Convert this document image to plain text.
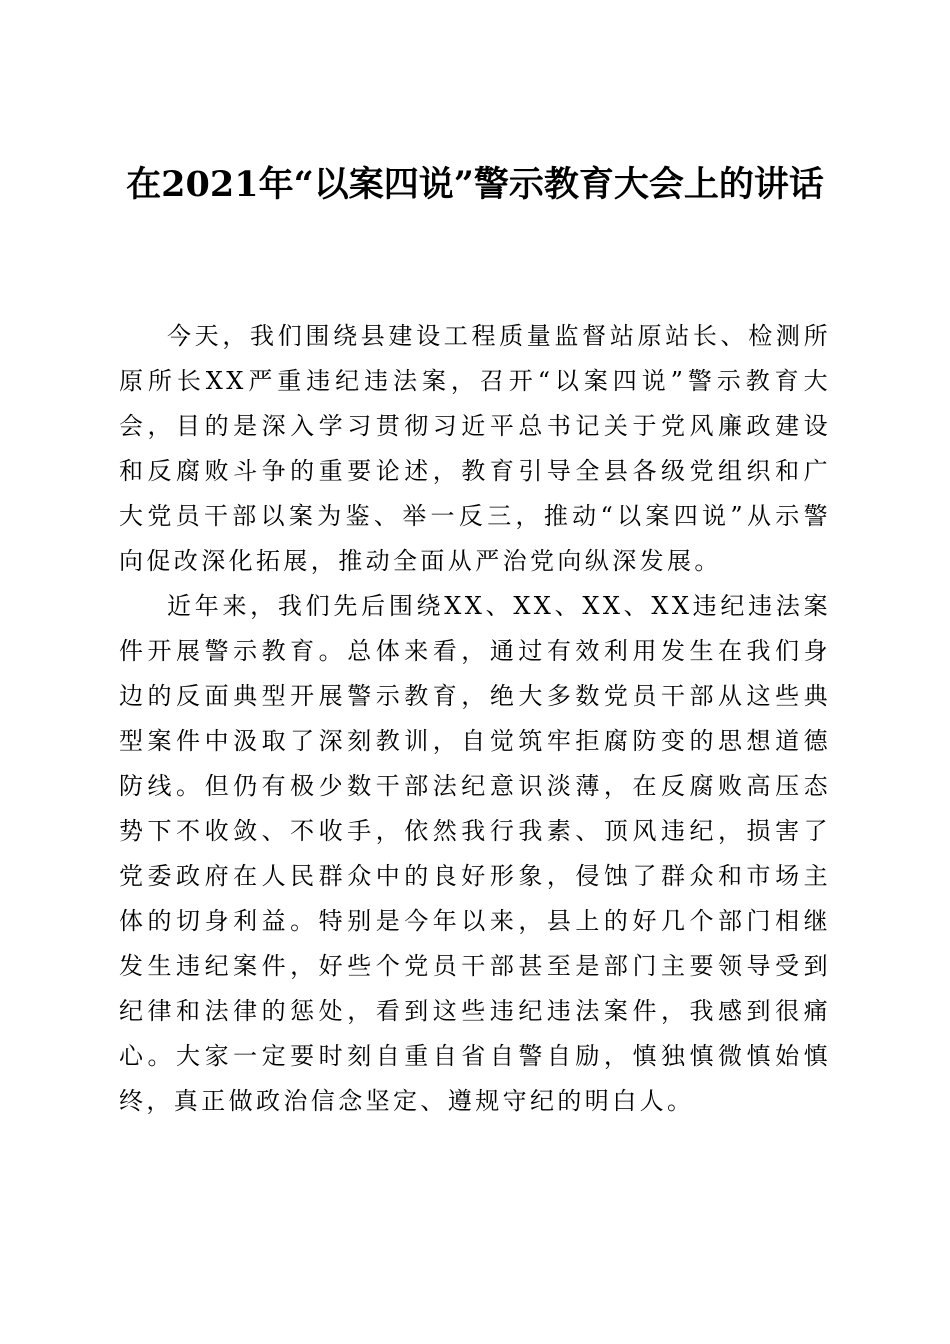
在2021年“以案四说”警示教育大会上的讲话

今天，我们围绕县建设工程质量监督站原站长、检测所原所长XX严重违纪违法案，召开“以案四说”警示教育大会，目的是深入学习贯彻习近平总书记关于党风廉政建设和反腐败斗争的重要论述，教育引导全县各级党组织和广大党员干部以案为鉴、举一反三，推动“以案四说”从示警向促改深化拓展，推动全面从严治党向纵深发展。

近年来，我们先后围绕XX、XX、XX、XX违纪违法案件开展警示教育。总体来看，通过有效利用发生在我们身边的反面典型开展警示教育，绝大多数党员干部从这些典型案件中汲取了深刻教训，自觉筑牢拒腐防变的思想道德防线。但仍有极少数干部法纪意识淡薄，在反腐败高压态势下不收敛、不收手，依然我行我素、顶风违纪，损害了党委政府在人民群众中的良好形象，侵蚀了群众和市场主体的切身利益。特别是今年以来，县上的好几个部门相继发生违纪案件，好些个党员干部甚至是部门主要领导受到纪律和法律的惩处，看到这些违纪违法案件，我感到很痛心。大家一定要时刻自重自省自警自励，慎独慎微慎始慎终，真正做政治信念坚定、遵规守纪的明白人。
